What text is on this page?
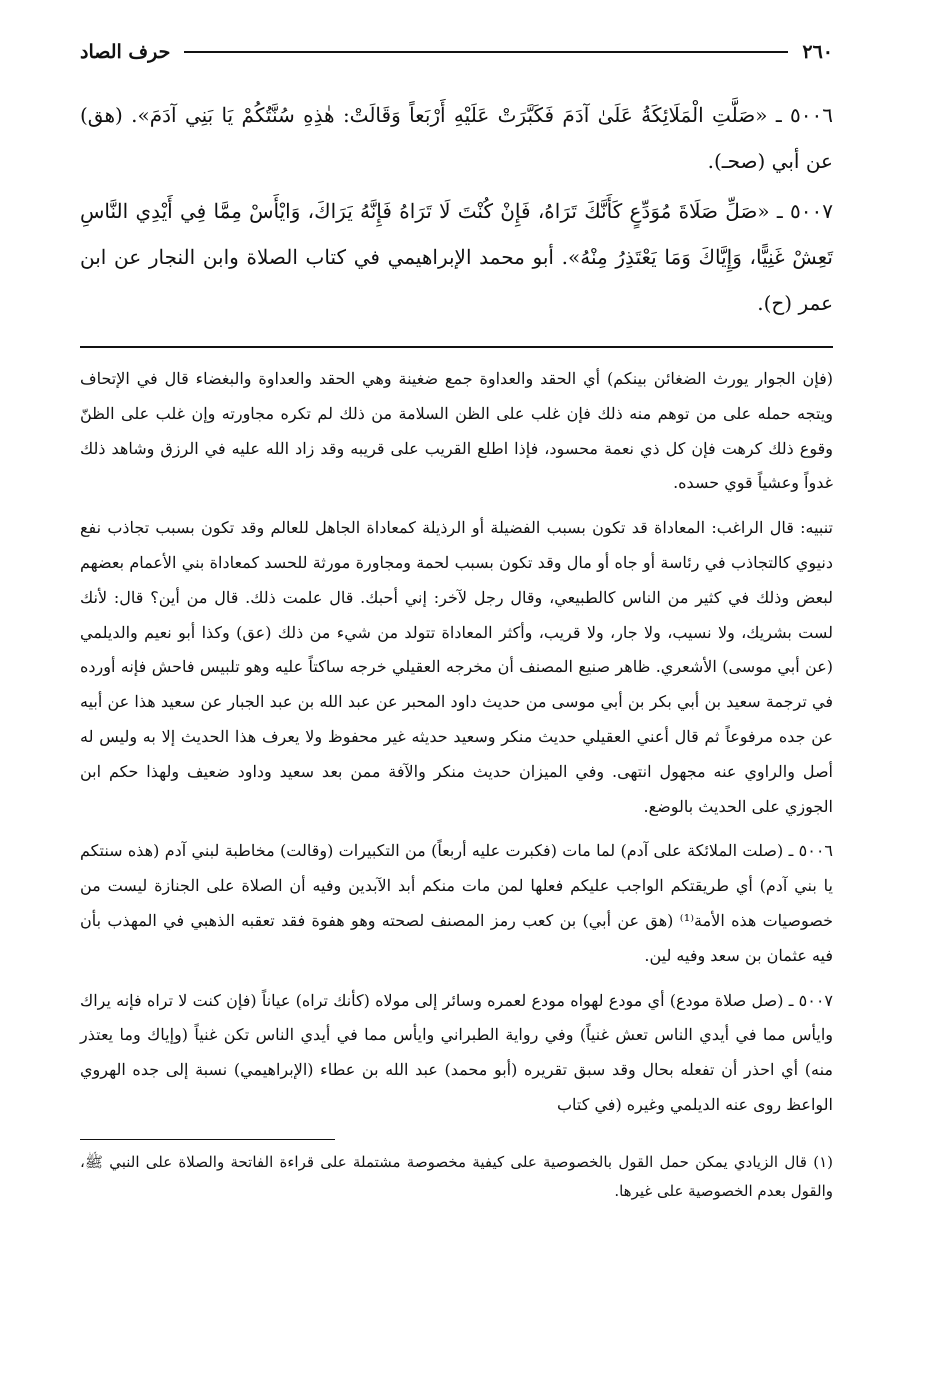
٢٦٠
حرف الصاد

٥٠٠٦ ـ «صَلَّتِ الْمَلَائِكَةُ عَلَىٰ آدَمَ فَكَبَّرَتْ عَلَيْهِ أَرْبَعاً وَقَالَتْ: هٰذِهِ سُنَّتُكُمْ يَا بَنِي آدَمَ». (هق) عن أبي (صحـ).

٥٠٠٧ ـ «صَلِّ صَلَاةَ مُوَدِّعٍ كَأَنَّكَ تَرَاهُ، فَإِنْ كُنْتَ لَا تَرَاهُ فَإِنَّهُ يَرَاكَ، وَايْأَسْ مِمَّا فِي أَيْدِي النَّاسِ تَعِشْ غَنِيًّا، وَإِيَّاكَ وَمَا يَعْتَذِرُ مِنْهُ». أبو محمد الإبراهيمي في كتاب الصلاة وابن النجار عن ابن عمر (ح).

(فإن الجوار يورث الضغائن بينكم) أي الحقد والعداوة جمع ضغينة وهي الحقد والعداوة والبغضاء قال في الإتحاف ويتجه حمله على من توهم منه ذلك فإن غلب على الظن السلامة من ذلك لم تكره مجاورته وإن غلب على الظنّ وقوع ذلك كرهت فإن كل ذي نعمة محسود، فإذا اطلع القريب على قريبه وقد زاد الله عليه في الرزق وشاهد ذلك غدواً وعشياً قوي حسده.

تنبيه: قال الراغب: المعاداة قد تكون بسبب الفضيلة أو الرذيلة كمعاداة الجاهل للعالم وقد تكون بسبب تجاذب نفع دنيوي كالتجاذب في رئاسة أو جاه أو مال وقد تكون بسبب لحمة ومجاورة مورثة للحسد كمعاداة بني الأعمام بعضهم لبعض وذلك في كثير من الناس كالطبيعي، وقال رجل لآخر: إني أحبك. قال علمت ذلك. قال من أين؟ قال: لأنك لست بشريك، ولا نسيب، ولا جار، ولا قريب، وأكثر المعاداة تتولد من شيء من ذلك (عق) وكذا أبو نعيم والديلمي (عن أبي موسى) الأشعري. ظاهر صنيع المصنف أن مخرجه العقيلي خرجه ساكتاً عليه وهو تلبيس فاحش فإنه أورده في ترجمة سعيد بن أبي بكر بن أبي موسى من حديث داود المحبر عن عبد الله بن عبد الجبار عن سعيد هذا عن أبيه عن جده مرفوعاً ثم قال أعني العقيلي حديث منكر وسعيد حديثه غير محفوظ ولا يعرف هذا الحديث إلا به وليس له أصل والراوي عنه مجهول انتهى. وفي الميزان حديث منكر والآفة ممن بعد سعيد وداود ضعيف ولهذا حكم ابن الجوزي على الحديث بالوضع.

٥٠٠٦ ـ (صلت الملائكة على آدم) لما مات (فكبرت عليه أربعاً) من التكبيرات (وقالت) مخاطبة لبني آدم (هذه سنتكم يا بني آدم) أي طريقتكم الواجب عليكم فعلها لمن مات منكم أبد الآبدين وفيه أن الصلاة على الجنازة ليست من خصوصيات هذه الأمة⁽¹⁾ (هق عن أبي) بن كعب رمز المصنف لصحته وهو هفوة فقد تعقبه الذهبي في المهذب بأن فيه عثمان بن سعد وفيه لين.

٥٠٠٧ ـ (صل صلاة مودع) أي مودع لهواه مودع لعمره وسائر إلى مولاه (كأنك تراه) عياناً (فإن كنت لا تراه فإنه يراك وايأس مما في أيدي الناس تعش غنياً) وفي رواية الطبراني وايأس مما في أيدي الناس تكن غنياً (وإياك وما يعتذر منه) أي احذر أن تفعله بحال وقد سبق تقريره (أبو محمد) عبد الله بن عطاء (الإبراهيمي) نسبة إلى جده الهروي الواعظ روى عنه الديلمي وغيره (في كتاب

(١) قال الزيادي يمكن حمل القول بالخصوصية على كيفية مخصوصة مشتملة على قراءة الفاتحة والصلاة على النبي ﷺ، والقول بعدم الخصوصية على غيرها.
